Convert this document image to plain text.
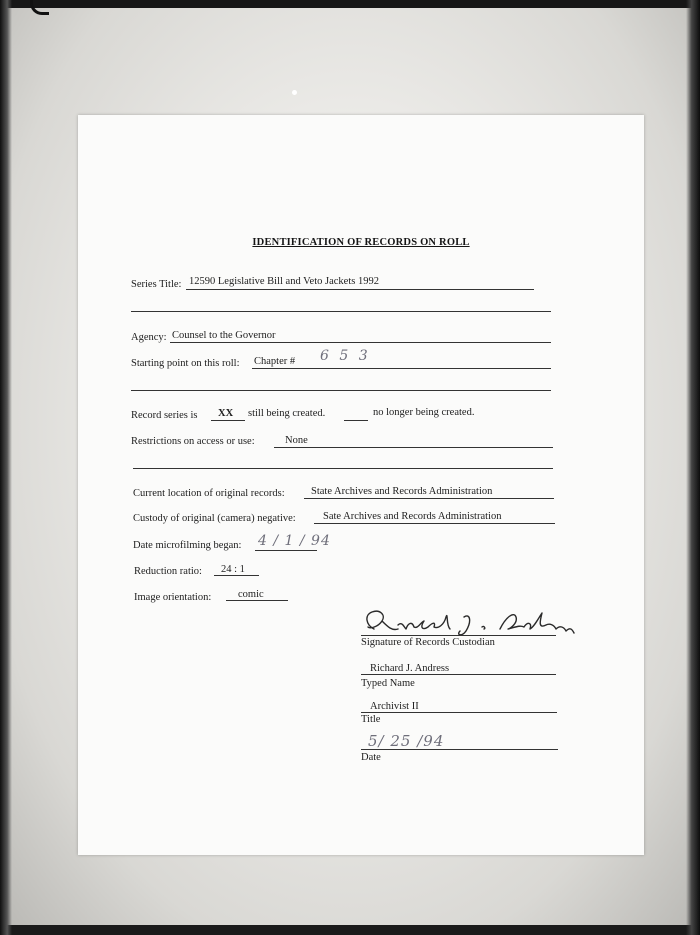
IDENTIFICATION OF RECORDS ON ROLL
Series Title: 12590 Legislative Bill and Veto Jackets 1992
Agency: Counsel to the Governor
Starting point on this roll: Chapter # 6 5 3
Record series is XX still being created.	no longer being created.
Restrictions on access or use:	None
Current location of original records:	State Archives and Records Administration
Custody of original (camera) negative:	Sate Archives and Records Administration
Date microfilming began: 4 / 1 / 94
Reduction ratio: 24 : 1
Image orientation:	comic
Signature of Records Custodian
Richard J. Andress
Typed Name
Archivist II
Title
5/ 25 /94
Date
